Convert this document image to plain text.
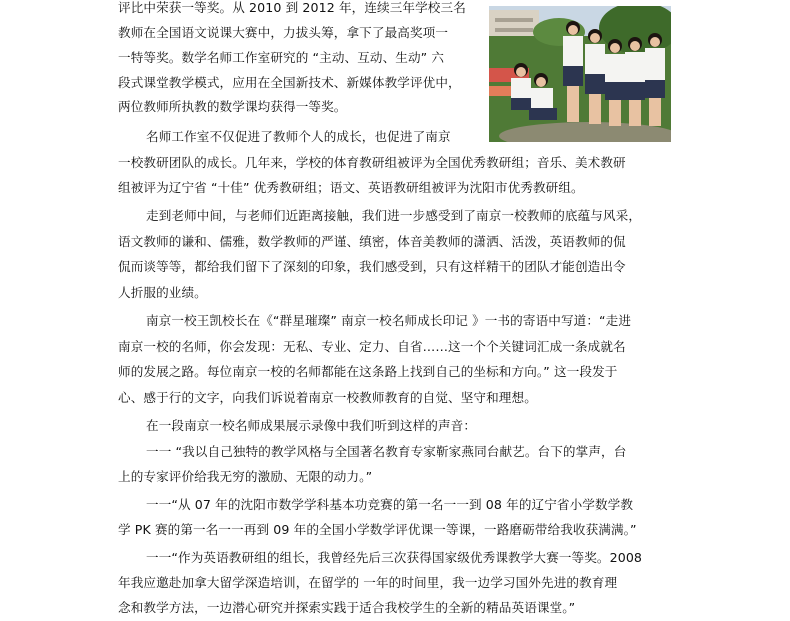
评比中荣获一等奖。从 2010 到 2012 年，连续三年学校三名
教师在全国语文说课大赛中，力拔头筹，拿下了最高奖项一
一特等奖。数学名师工作室研究的 “主动、互动、生动” 六
段式课堂教学模式，应用在全国新技术、新媒体教学评优中，
两位教师所执教的数学课均获得一等奖。
名师工作室不仅促进了教师个人的成长，也促进了南京
一校教研团队的成长。几年来，学校的体育教研组被评为全国优秀教研组；音乐、美术教研
组被评为辽宁省 “十佳” 优秀教研组；语文、英语教研组被评为沈阳市优秀教研组。
走到老师中间，与老师们近距离接触，我们进一步感受到了南京一校教师的底蕴与风采，
语文教师的谦和、儒雅，数学教师的严谨、缜密，体音美教师的潇洒、活泼，英语教师的侃
侃而谈等等，都给我们留下了深刻的印象，我们感受到，只有这样精干的团队才能创造出令
人折服的业绩。
南京一校王凯校长在《“群星璀璨” 南京一校名师成长印记 》一书的寄语中写道：“走进
南京一校的名师，你会发现：无私、专业、定力、自省……这一个个关键词汇成一条成就名
师的发展之路。每位南京一校的名师都能在这条路上找到自己的坐标和方向。” 这一段发于
心、感于行的文字，向我们诉说着南京一校教师教育的自觉、坚守和理想。
在一段南京一校名师成果展示录像中我们听到这样的声音：
一一 “我以自己独特的教学风格与全国著名教育专家靳家燕同台献艺。台下的掌声，台
上的专家评价给我无穷的激励、无限的动力。”
一一“从 07 年的沈阳市数学学科基本功竞赛的第一名一一到 08 年的辽宁省小学数学教
学 PK 赛的第一名一一再到 09 年的全国小学数学评优课一等课，一路磨砺带给我收获满满。”
一一“作为英语教研组的组长，我曾经先后三次获得国家级优秀课教学大赛一等奖。2008
年我应邀赴加拿大留学深造培训，在留学的 一年的时间里，我一边学习国外先进的教育理
念和教学方法，一边潜心研究并探索实践于适合我校学生的全新的精品英语课堂。”
